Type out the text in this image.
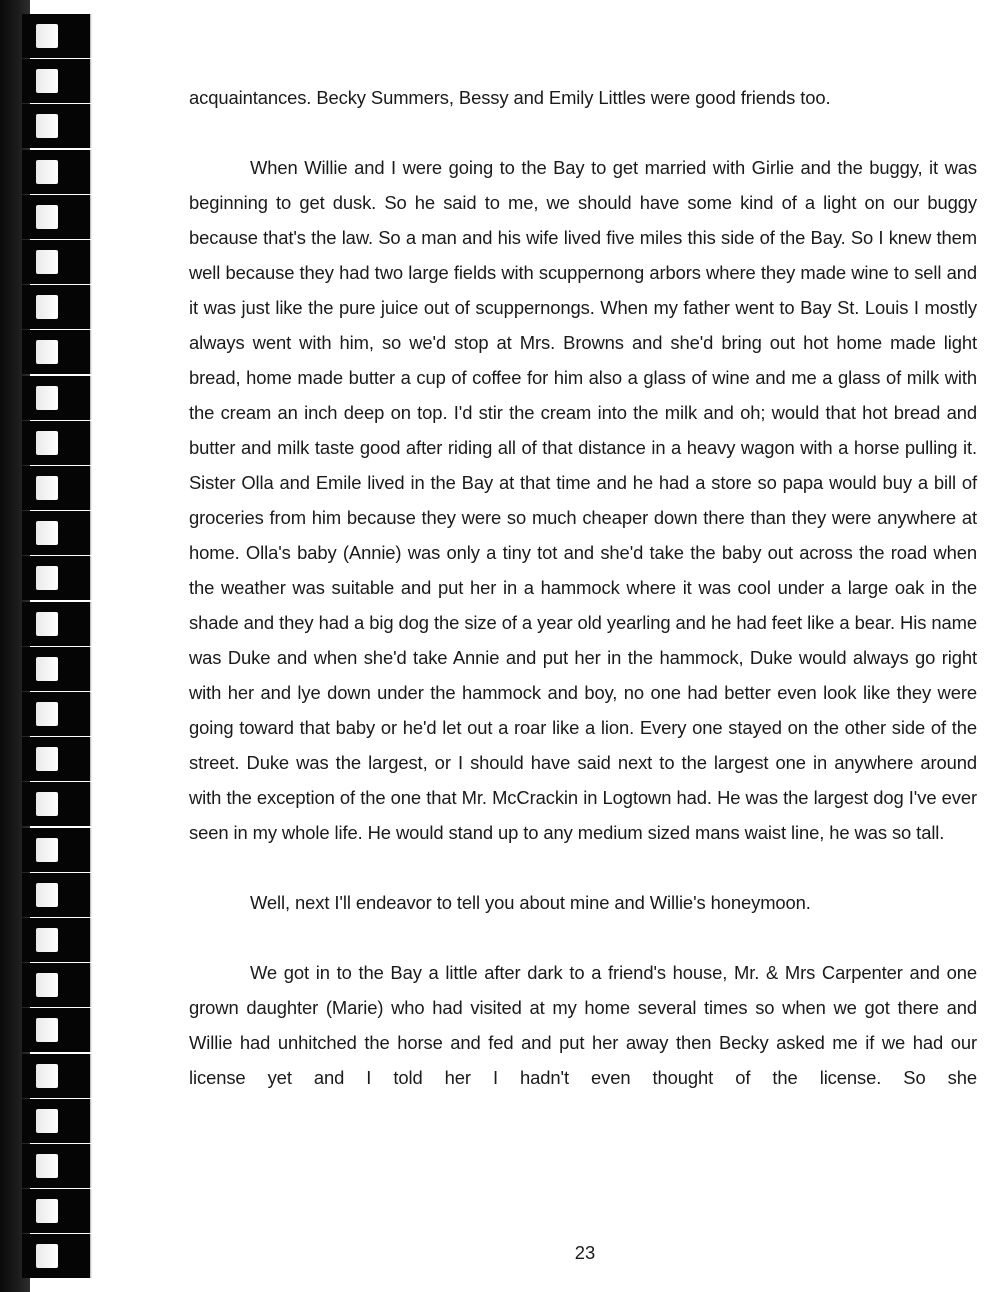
acquaintances. Becky Summers, Bessy and Emily Littles were good friends too.

When Willie and I were going to the Bay to get married with Girlie and the buggy, it was beginning to get dusk. So he said to me, we should have some kind of a light on our buggy because that's the law. So a man and his wife lived five miles this side of the Bay. So I knew them well because they had two large fields with scuppernong arbors where they made wine to sell and it was just like the pure juice out of scuppernongs. When my father went to Bay St. Louis I mostly always went with him, so we'd stop at Mrs. Browns and she'd bring out hot home made light bread, home made butter a cup of coffee for him also a glass of wine and me a glass of milk with the cream an inch deep on top. I'd stir the cream into the milk and oh; would that hot bread and butter and milk taste good after riding all of that distance in a heavy wagon with a horse pulling it. Sister Olla and Emile lived in the Bay at that time and he had a store so papa would buy a bill of groceries from him because they were so much cheaper down there than they were anywhere at home. Olla's baby (Annie) was only a tiny tot and she'd take the baby out across the road when the weather was suitable and put her in a hammock where it was cool under a large oak in the shade and they had a big dog the size of a year old yearling and he had feet like a bear. His name was Duke and when she'd take Annie and put her in the hammock, Duke would always go right with her and lye down under the hammock and boy, no one had better even look like they were going toward that baby or he'd let out a roar like a lion. Every one stayed on the other side of the street. Duke was the largest, or I should have said next to the largest one in anywhere around with the exception of the one that Mr. McCrackin in Logtown had. He was the largest dog I've ever seen in my whole life. He would stand up to any medium sized mans waist line, he was so tall.

Well, next I'll endeavor to tell you about mine and Willie's honeymoon.

We got in to the Bay a little after dark to a friend's house, Mr. & Mrs Carpenter and one grown daughter (Marie) who had visited at my home several times so when we got there and Willie had unhitched the horse and fed and put her away then Becky asked me if we had our license yet and I told her I hadn't even thought of the license. So she

23
